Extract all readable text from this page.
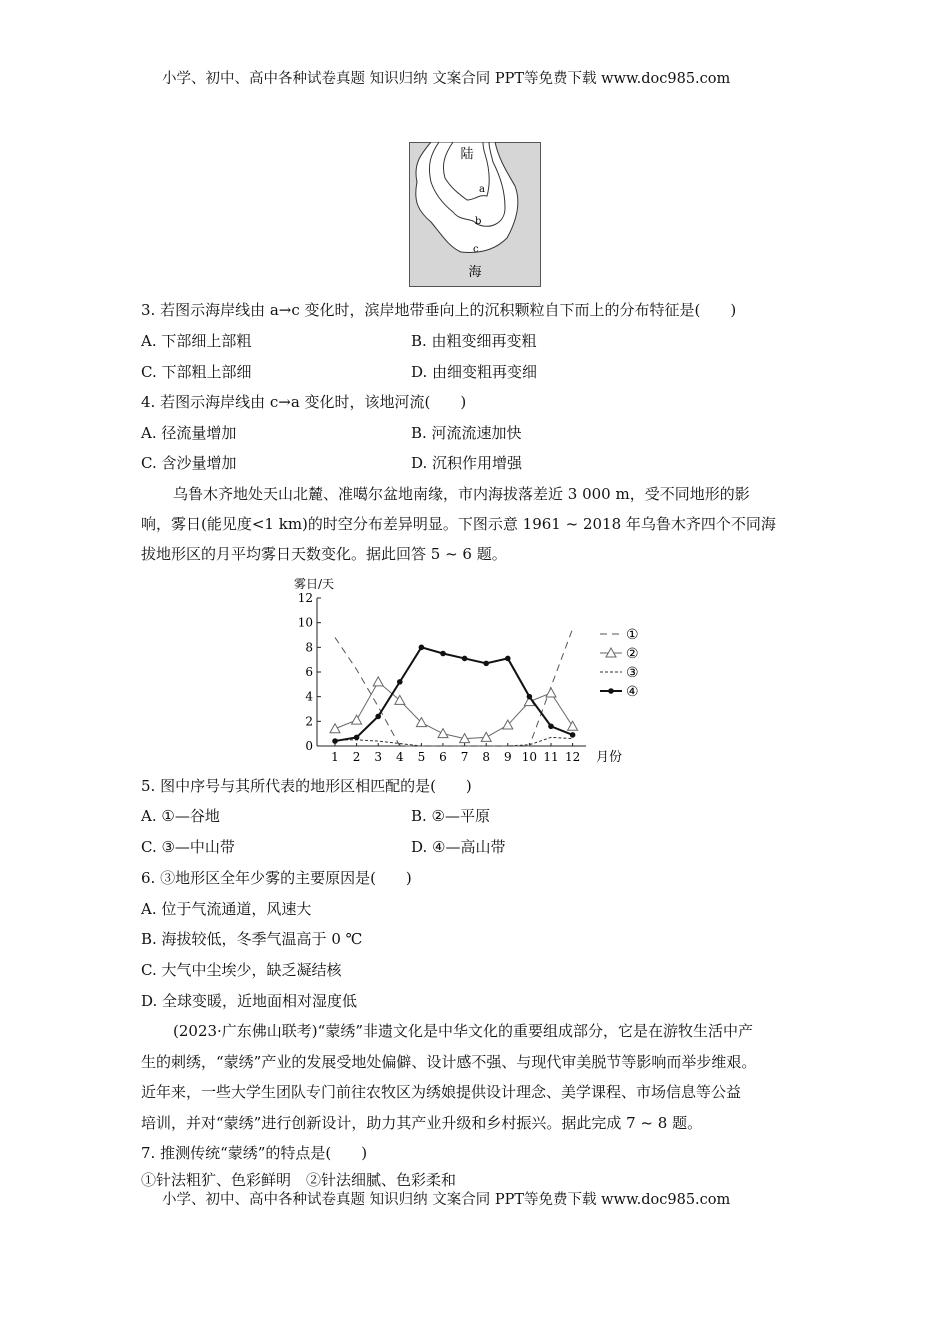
小学、初中、高中各种试卷真题 知识归纳 文案合同 PPT等免费下载 www.doc985.com
陆
a
b
c
海
3. 若图示海岸线由 a→c 变化时，滨岸地带垂向上的沉积颗粒自下而上的分布特征是(　　)
A. 下部细上部粗	B. 由粗变细再变粗
C. 下部粗上部细	D. 由细变粗再变细
4. 若图示海岸线由 c→a 变化时，该地河流(　　)
A. 径流量增加	B. 河流流速加快
C. 含沙量增加	D. 沉积作用增强
乌鲁木齐地处天山北麓、准噶尔盆地南缘，市内海拔落差近 3 000 m，受不同地形的影
响，雾日(能见度<1 km)的时空分布差异明显。下图示意 1961 ~ 2018 年乌鲁木齐四个不同海
拔地形区的月平均雾日天数变化。据此回答 5 ~ 6 题。
0
2
4
6
8
10
12
1 2 3 4 5 6 7 8 9 10 11 12
雾日/天
月份
①
②
③
④
5. 图中序号与其所代表的地形区相匹配的是(　　)
A. ①—谷地	B. ②—平原
C. ③—中山带	D. ④—高山带
6. ③地形区全年少雾的主要原因是(　　)
A. 位于气流通道，风速大
B. 海拔较低，冬季气温高于 0 ℃
C. 大气中尘埃少，缺乏凝结核
D. 全球变暖，近地面相对湿度低
(2023·广东佛山联考)“蒙绣”非遗文化是中华文化的重要组成部分，它是在游牧生活中产
生的刺绣，“蒙绣”产业的发展受地处偏僻、设计感不强、与现代审美脱节等影响而举步维艰。
近年来，一些大学生团队专门前往农牧区为绣娘提供设计理念、美学课程、市场信息等公益
培训，并对“蒙绣”进行创新设计，助力其产业升级和乡村振兴。据此完成 7 ~ 8 题。
7. 推测传统“蒙绣”的特点是(　　)
①针法粗犷、色彩鲜明　②针法细腻、色彩柔和
小学、初中、高中各种试卷真题 知识归纳 文案合同 PPT等免费下载 www.doc985.com
